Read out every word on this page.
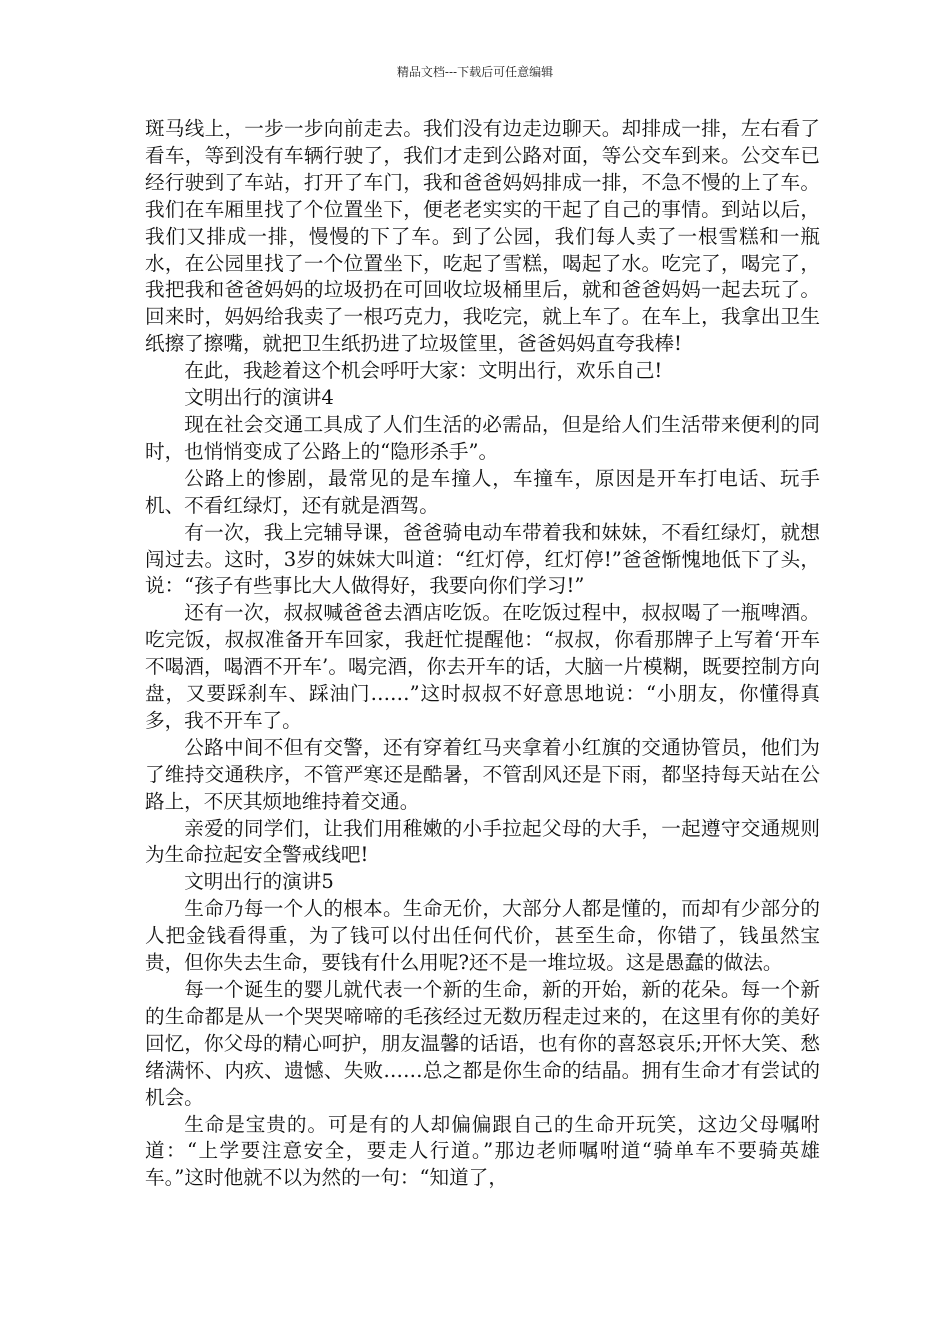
精品文档---下载后可任意编辑

斑马线上，一步一步向前走去。我们没有边走边聊天。却排成一排，左右看了看车，等到没有车辆行驶了，我们才走到公路对面，等公交车到来。公交车已经行驶到了车站，打开了车门，我和爸爸妈妈排成一排，不急不慢的上了车。我们在车厢里找了个位置坐下，便老老实实的干起了自己的事情。到站以后，我们又排成一排，慢慢的下了车。到了公园，我们每人卖了一根雪糕和一瓶水，在公园里找了一个位置坐下，吃起了雪糕，喝起了水。吃完了，喝完了，我把我和爸爸妈妈的垃圾扔在可回收垃圾桶里后，就和爸爸妈妈一起去玩了。回来时，妈妈给我卖了一根巧克力，我吃完，就上车了。在车上，我拿出卫生纸擦了擦嘴，就把卫生纸扔进了垃圾筐里，爸爸妈妈直夸我棒!

在此，我趁着这个机会呼吁大家：文明出行，欢乐自己!

文明出行的演讲4

现在社会交通工具成了人们生活的必需品，但是给人们生活带来便利的同时，也悄悄变成了公路上的“隐形杀手”。

公路上的惨剧，最常见的是车撞人，车撞车，原因是开车打电话、玩手机、不看红绿灯，还有就是酒驾。

有一次，我上完辅导课，爸爸骑电动车带着我和妹妹，不看红绿灯，就想闯过去。这时，3岁的妹妹大叫道：“红灯停，红灯停!”爸爸惭愧地低下了头，说：“孩子有些事比大人做得好，我要向你们学习!”

还有一次，叔叔喊爸爸去酒店吃饭。在吃饭过程中，叔叔喝了一瓶啤酒。吃完饭，叔叔准备开车回家，我赶忙提醒他：“叔叔，你看那牌子上写着‘开车不喝酒，喝酒不开车’。喝完酒，你去开车的话，大脑一片模糊，既要控制方向盘，又要踩刹车、踩油门……”这时叔叔不好意思地说：“小朋友，你懂得真多，我不开车了。

公路中间不但有交警，还有穿着红马夹拿着小红旗的交通协管员，他们为了维持交通秩序，不管严寒还是酷暑，不管刮风还是下雨，都坚持每天站在公路上，不厌其烦地维持着交通。

亲爱的同学们，让我们用稚嫩的小手拉起父母的大手，一起遵守交通规则为生命拉起安全警戒线吧!

文明出行的演讲5

生命乃每一个人的根本。生命无价，大部分人都是懂的，而却有少部分的人把金钱看得重，为了钱可以付出任何代价，甚至生命，你错了，钱虽然宝贵，但你失去生命，要钱有什么用呢?还不是一堆垃圾。这是愚蠢的做法。

每一个诞生的婴儿就代表一个新的生命，新的开始，新的花朵。每一个新的生命都是从一个哭哭啼啼的毛孩经过无数历程走过来的，在这里有你的美好回忆，你父母的精心呵护，朋友温馨的话语，也有你的喜怒哀乐;开怀大笑、愁绪满怀、内疚、遗憾、失败……总之都是你生命的结晶。拥有生命才有尝试的机会。

生命是宝贵的。可是有的人却偏偏跟自己的生命开玩笑，这边父母嘱咐道：“上学要注意安全，要走人行道。”那边老师嘱咐道“骑单车不要骑英雄车。”这时他就不以为然的一句：“知道了，
